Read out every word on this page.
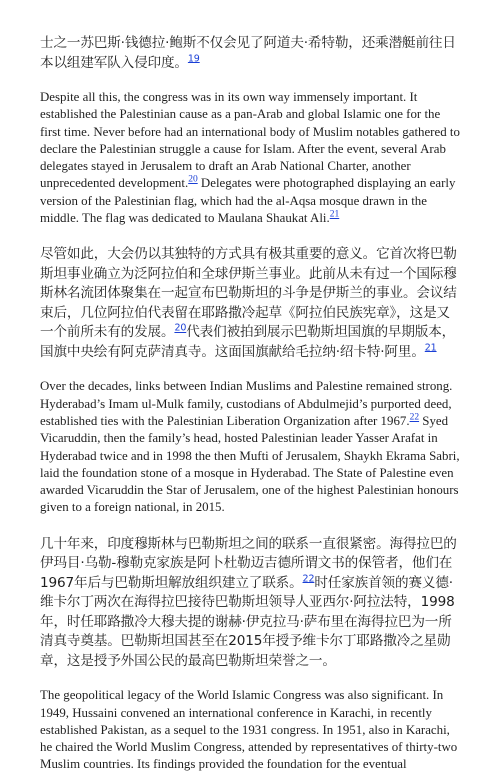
士之一苏巴斯·钱德拉·鲍斯不仅会见了阿道夫·希特勒，还乘潜艇前往日本以组建军队入侵印度。$^{19}$

Despite all this, the congress was in its own way immensely important. It established the Palestinian cause as a pan-Arab and global Islamic one for the first time. Never before had an international body of Muslim notables gathered to declare the Palestinian struggle a cause for Islam. After the event, several Arab delegates stayed in Jerusalem to draft an Arab National Charter, another unprecedented development.$^{20}$ Delegates were photographed displaying an early version of the Palestinian flag, which had the al-Aqsa mosque drawn in the middle. The flag was dedicated to Maulana Shaukat Ali.$^{21}$

尽管如此，大会仍以其独特的方式具有极其重要的意义。它首次将巴勒斯坦事业确立为泛阿拉伯和全球伊斯兰事业。此前从未有过一个国际穆斯林名流团体聚集在一起宣布巴勒斯坦的斗争是伊斯兰的事业。会议结束后，几位阿拉伯代表留在耶路撒冷起草《阿拉伯民族宪章》，这是又一个前所未有的发展。$^{20}$代表们被拍到展示巴勒斯坦国旗的早期版本，国旗中央绘有阿克萨清真寺。这面国旗献给毛拉纳·绍卡特·阿里。$^{21}$

Over the decades, links between Indian Muslims and Palestine remained strong. Hyderabad’s Imam ul-Mulk family, custodians of Abdulmejid’s purported deed, established ties with the Palestinian Liberation Organization after 1967.22 Syed Vicaruddin, then the family’s head, hosted Palestinian leader Yasser Arafat in Hyderabad twice and in 1998 the then Mufti of Jerusalem, Shaykh Ekrama Sabri, laid the foundation stone of a mosque in Hyderabad. The State of Palestine even awarded Vicaruddin the Star of Jerusalem, one of the highest Palestinian honours given to a foreign national, in 2015.

几十年来，印度穆斯林与巴勒斯坦之间的联系一直很紧密。海得拉巴的伊玛目·乌勒-穆勒克家族是阿卜杜勒迈吉德所谓文书的保管者，他们在1967年后与巴勒斯坦解放组织建立了联系。$^{22}$时任家族首领的赛义德·维卡尔丁两次在海得拉巴接待巴勒斯坦领导人亚西尔·阿拉法特，1998年，时任耶路撒冷大穆夫提的谢赫·伊克拉马·萨布里在海得拉巴为一所清真寺奠基。巴勒斯坦国甚至在2015年授予维卡尔丁耶路撒冷之星勋章，这是授予外国公民的最高巴勒斯坦荣誉之一。

The geopolitical legacy of the World Islamic Congress was also significant. In 1949, Hussaini convened an international conference in Karachi, in recently established Pakistan, as a sequel to the 1931 congress. In 1951, also in Karachi, he chaired the World Muslim Congress, attended by representatives of thirty-two Muslim countries. Its findings provided the foundation for the eventual
